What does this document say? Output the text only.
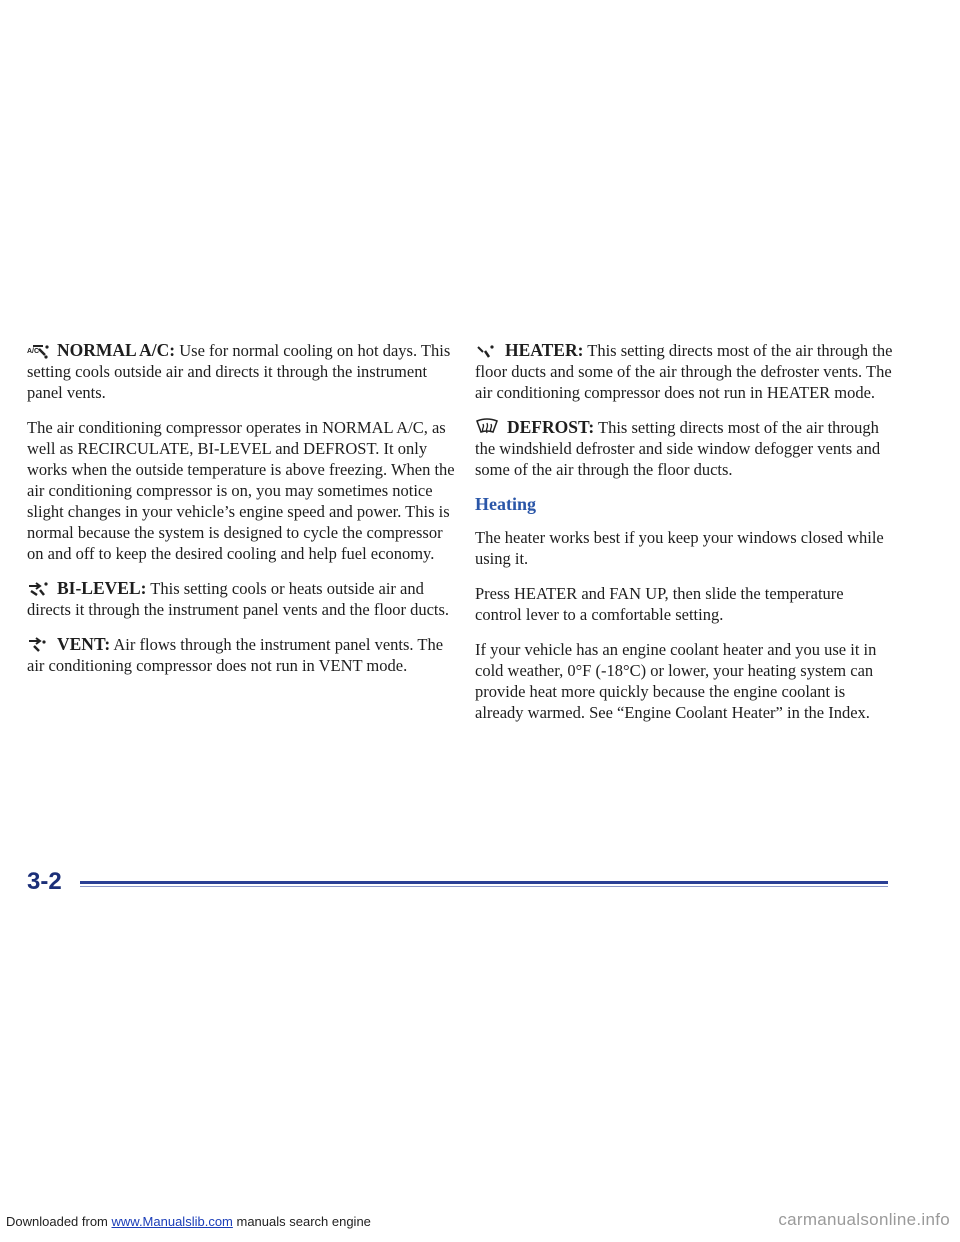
A/C NORMAL A/C: Use for normal cooling on hot days. This setting cools outside air and directs it through the instrument panel vents.

The air conditioning compressor operates in NORMAL A/C, as well as RECIRCULATE, BI-LEVEL and DEFROST. It only works when the outside temperature is above freezing. When the air conditioning compressor is on, you may sometimes notice slight changes in your vehicle’s engine speed and power. This is normal because the system is designed to cycle the compressor on and off to keep the desired cooling and help fuel economy.

BI-LEVEL: This setting cools or heats outside air and directs it through the instrument panel vents and the floor ducts.

VENT: Air flows through the instrument panel vents. The air conditioning compressor does not run in VENT mode.

HEATER: This setting directs most of the air through the floor ducts and some of the air through the defroster vents. The air conditioning compressor does not run in HEATER mode.

DEFROST: This setting directs most of the air through the windshield defroster and side window defogger vents and some of the air through the floor ducts.

Heating

The heater works best if you keep your windows closed while using it.

Press HEATER and FAN UP, then slide the temperature control lever to a comfortable setting.

If your vehicle has an engine coolant heater and you use it in cold weather, 0°F (-18°C) or lower, your heating system can provide heat more quickly because the engine coolant is already warmed. See “Engine Coolant Heater” in the Index.

3-2
Downloaded from www.Manualslib.com manuals search engine	carmanualsonline.info
